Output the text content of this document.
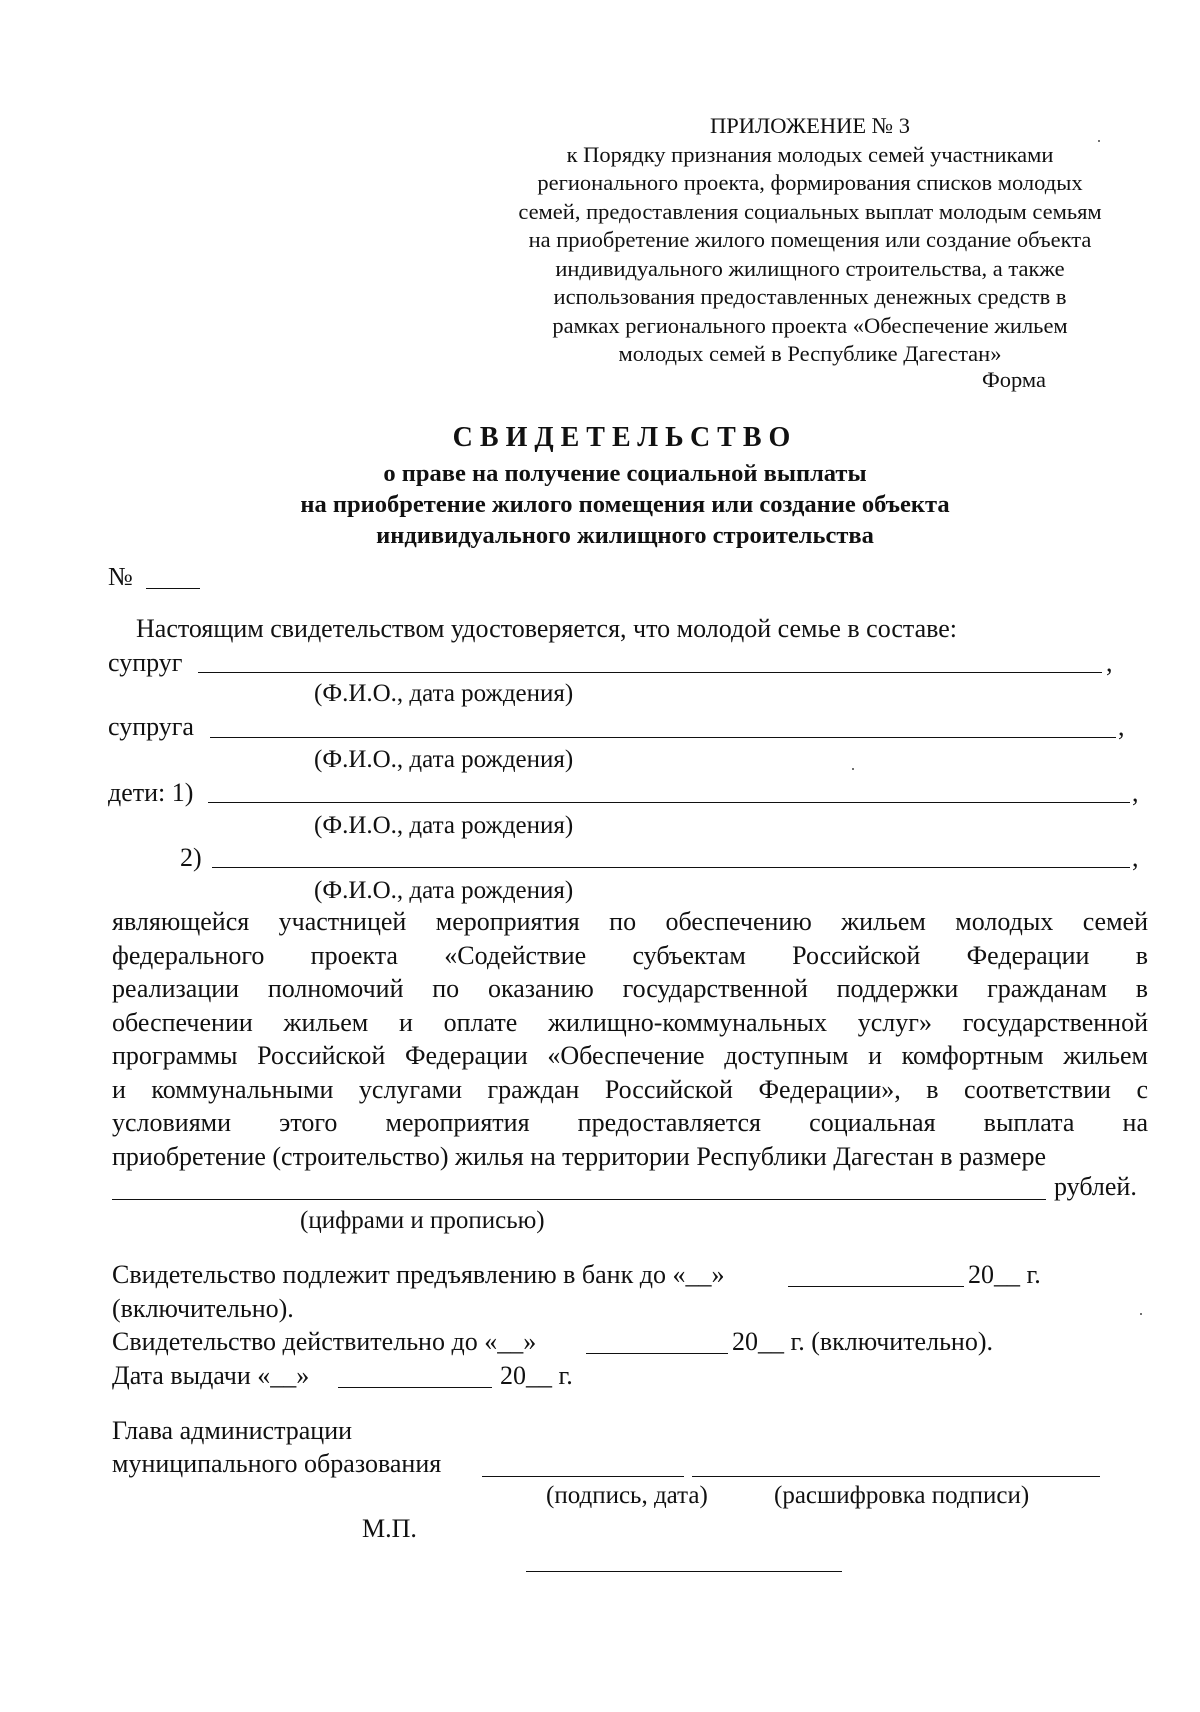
ПРИЛОЖЕНИЕ № 3
к Порядку признания молодых семей участниками
регионального проекта, формирования списков молодых
семей, предоставления социальных выплат молодым семьям
на приобретение жилого помещения или создание объекта
индивидуального жилищного строительства, а также
использования предоставленных денежных средств в
рамках регионального проекта «Обеспечение жильем
молодых семей в Республике Дагестан»
Форма
СВИДЕТЕЛЬСТВО
о праве на получение социальной выплаты
на приобретение жилого помещения или создание объекта
индивидуального жилищного строительства
№
Настоящим свидетельством удостоверяется, что молодой семье в составе:
супруг	,
(Ф.И.О., дата рождения)
супруга	,
(Ф.И.О., дата рождения)
дети: 1)	,
(Ф.И.О., дата рождения)
2)	,
(Ф.И.О., дата рождения)
являющейся участницей мероприятия по обеспечению жильем молодых семей
федерального проекта «Содействие субъектам Российской Федерации в
реализации полномочий по оказанию государственной поддержки гражданам в
обеспечении жильем и оплате жилищно-коммунальных услуг» государственной
программы Российской Федерации «Обеспечение доступным и комфортным жильем
и коммунальными услугами граждан Российской Федерации», в соответствии с
условиями этого мероприятия предоставляется социальная выплата на
приобретение (строительство) жилья на территории Республики Дагестан в размере
рублей.
(цифрами и прописью)
Свидетельство подлежит предъявлению в банк до «__»	20__ г.
(включительно).
Свидетельство действительно до «__»	20__ г. (включительно).
Дата выдачи «__»	20__ г.
Глава администрации
муниципального образования
(подпись, дата)	(расшифровка подписи)
М.П.
